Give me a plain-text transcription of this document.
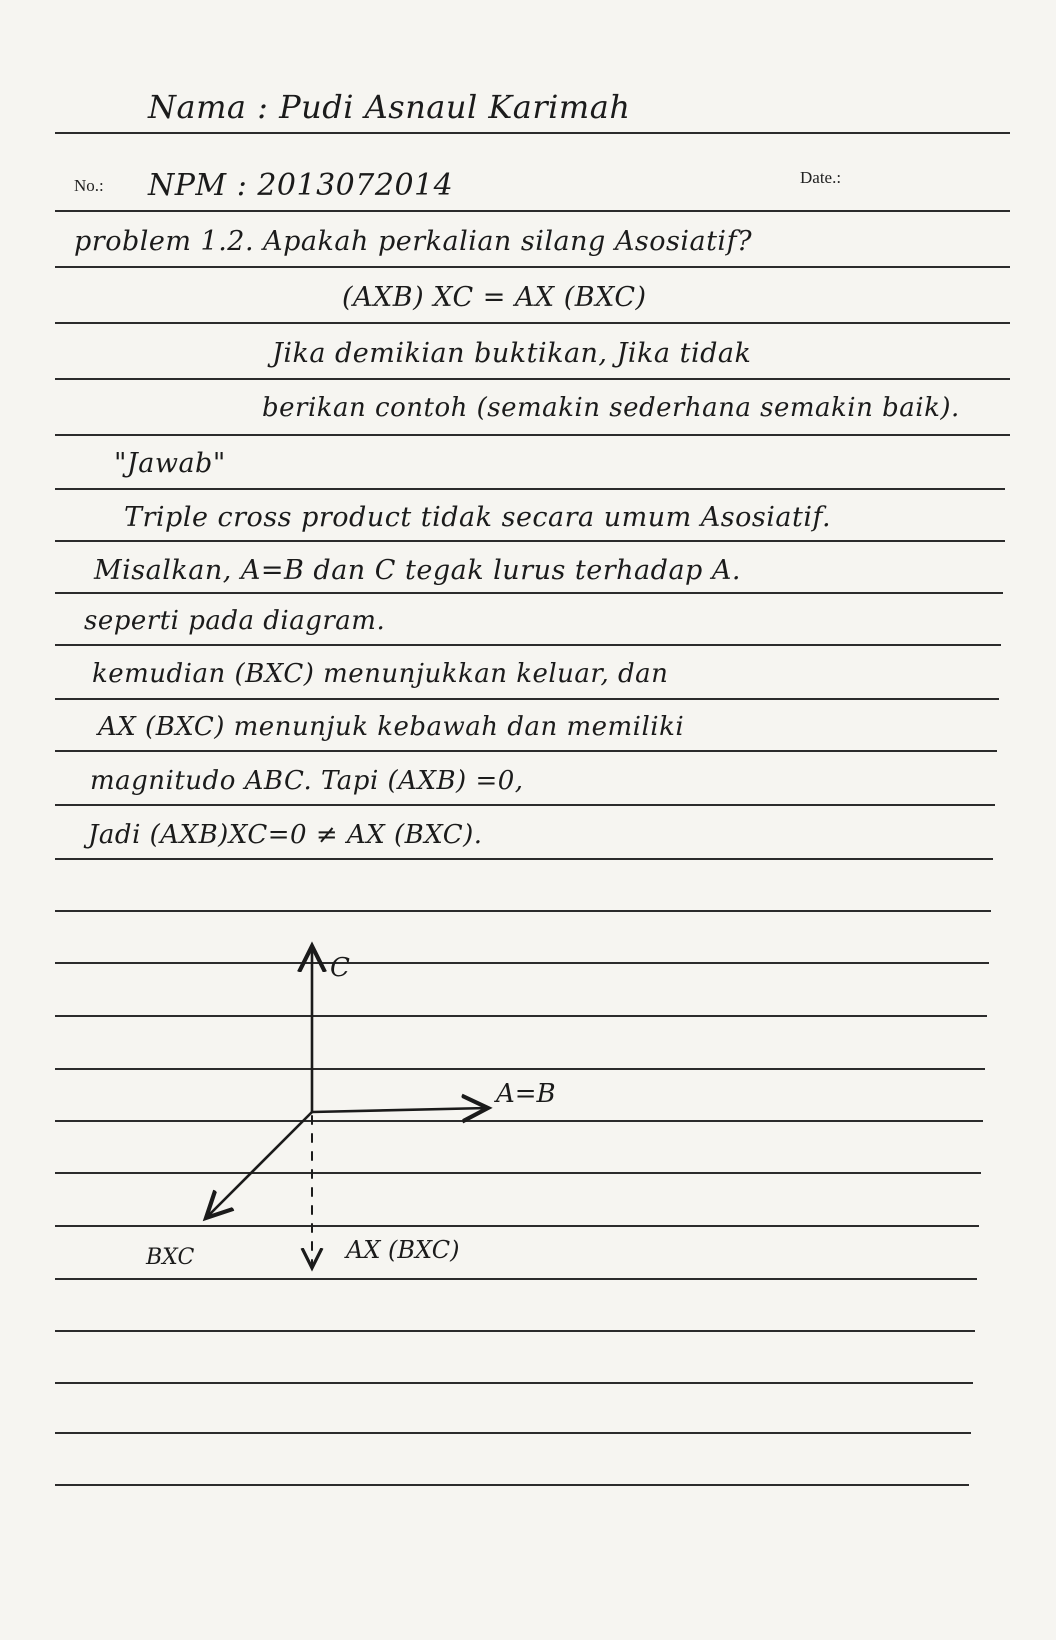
Nama : Pudi Asnaul Karimah
No.: NPM : 2013072014	Date.:
problem 1.2. Apakah perkalian silang Asosiatif?
(AXB) XC = AX (BXC)
Jika demikian buktikan, Jika tidak
berikan contoh (semakin sederhana semakin baik).
"Jawab"
Triple cross product tidak secara umum Asosiatif.
Misalkan, A=B dan C tegak lurus terhadap A.
seperti pada diagram.
kemudian (BXC) menunjukkan keluar, dan
AX (BXC) menunjuk kebawah dan memiliki
magnitudo ABC. Tapi (AXB) =0,
Jadi (AXB)XC=0 ≠ AX (BXC).
C
A=B
BXC	AX (BXC)
